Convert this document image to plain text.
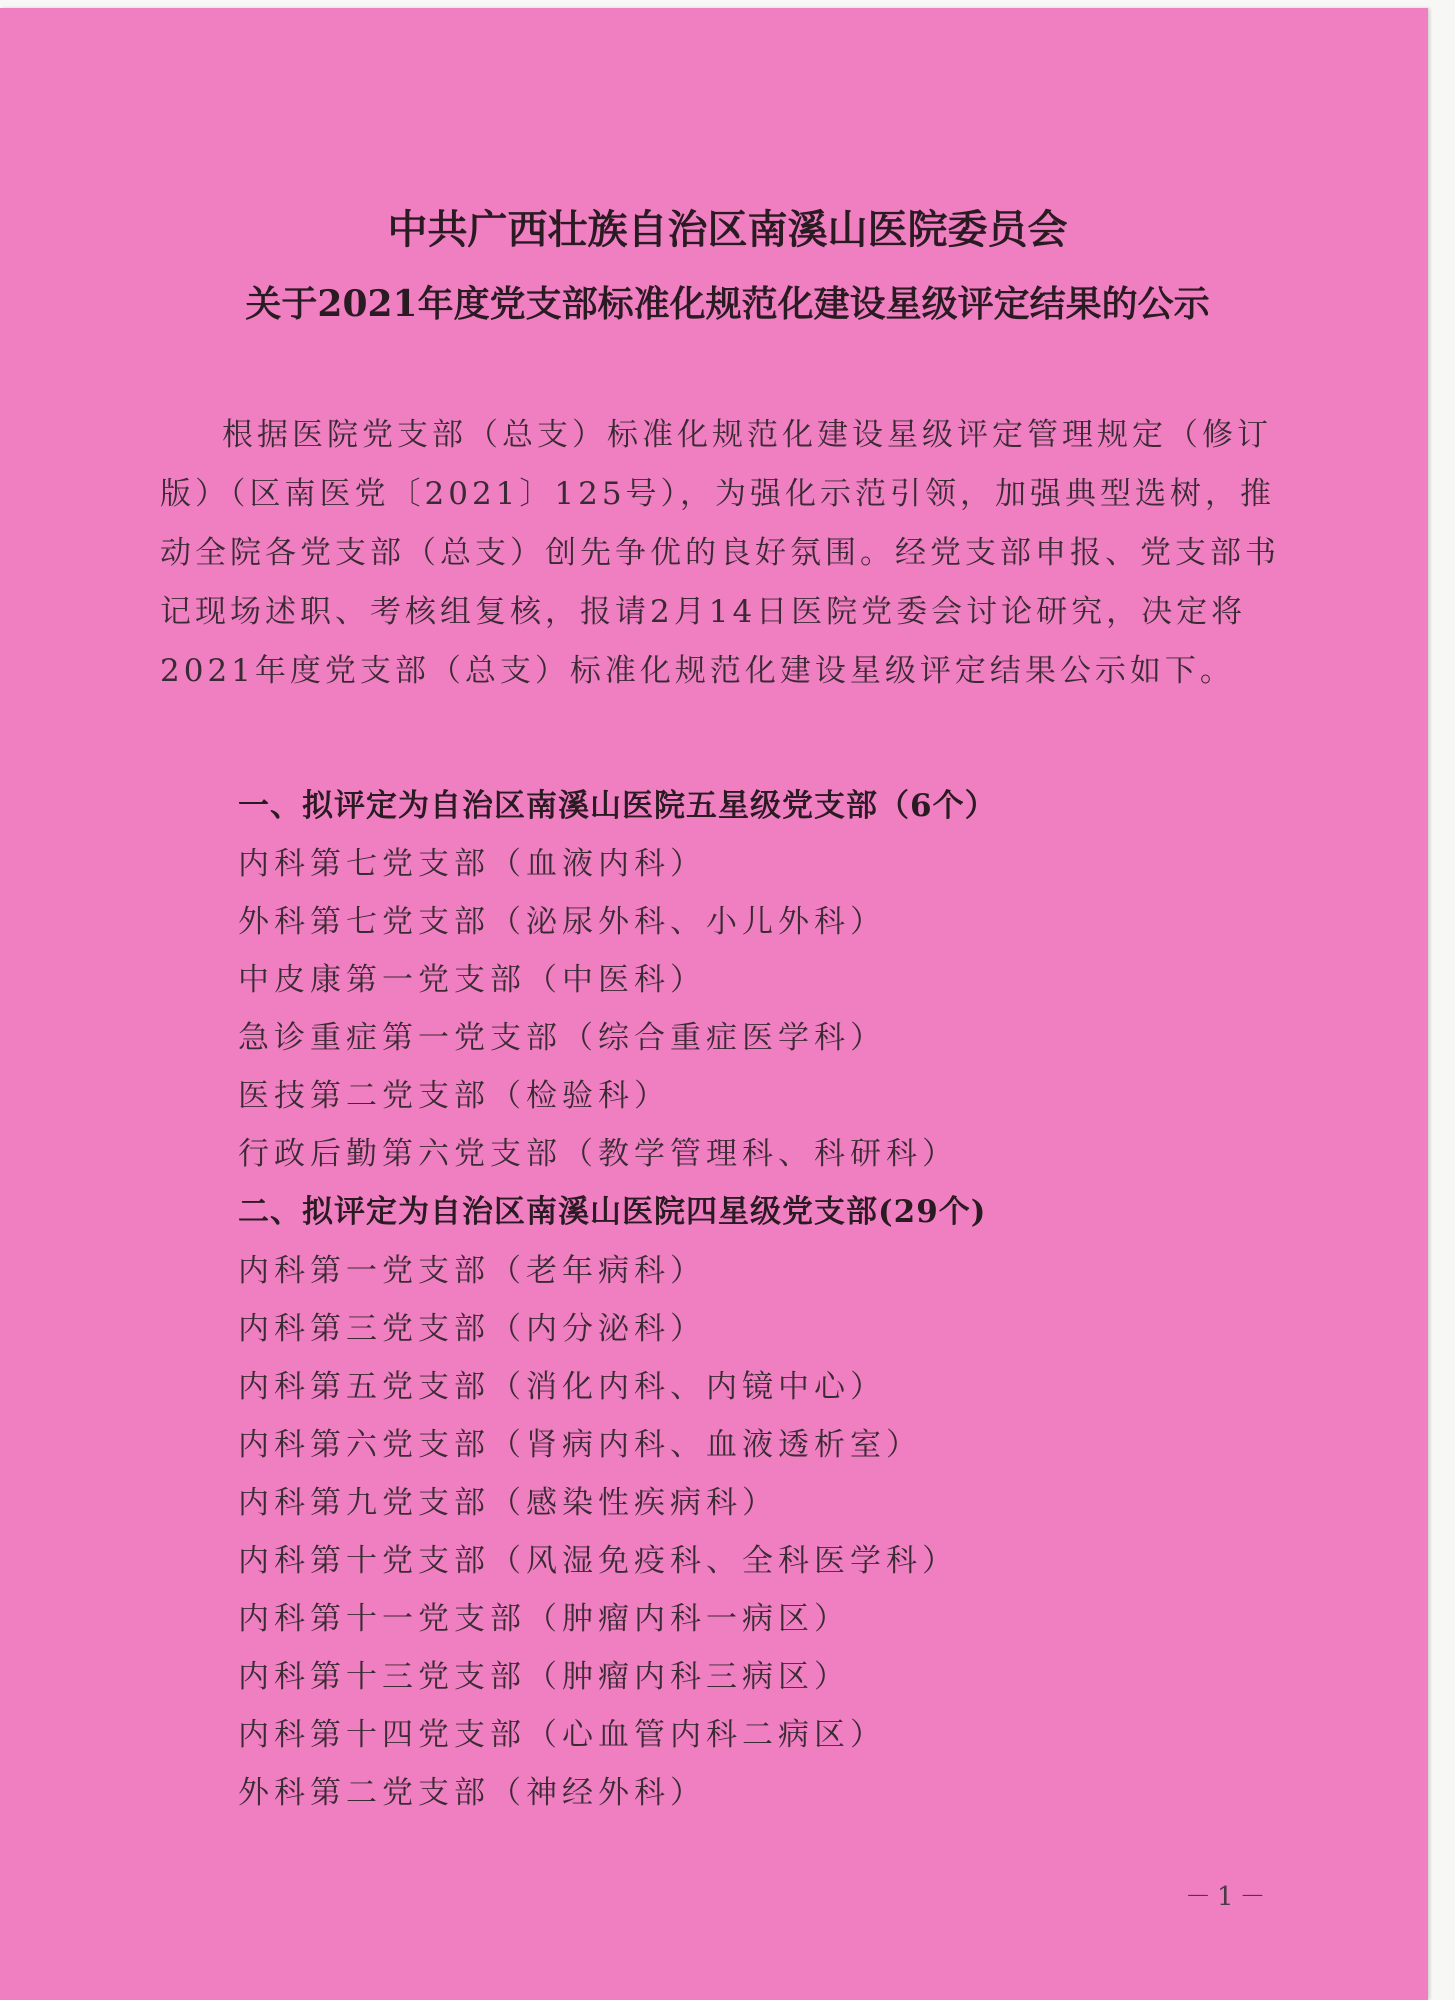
中共广西壮族自治区南溪山医院委员会
关于2021年度党支部标准化规范化建设星级评定结果的公示
根据医院党支部（总支）标准化规范化建设星级评定管理规定（修订版）（区南医党〔2021〕125号），为强化示范引领，加强典型选树，推动全院各党支部（总支）创先争优的良好氛围。经党支部申报、党支部书记现场述职、考核组复核，报请2月14日医院党委会讨论研究，决定将2021年度党支部（总支）标准化规范化建设星级评定结果公示如下。
一、拟评定为自治区南溪山医院五星级党支部（6个）
内科第七党支部（血液内科）
外科第七党支部（泌尿外科、小儿外科）
中皮康第一党支部（中医科）
急诊重症第一党支部（综合重症医学科）
医技第二党支部（检验科）
行政后勤第六党支部（教学管理科、科研科）
二、拟评定为自治区南溪山医院四星级党支部(29个)
内科第一党支部（老年病科）
内科第三党支部（内分泌科）
内科第五党支部（消化内科、内镜中心）
内科第六党支部（肾病内科、血液透析室）
内科第九党支部（感染性疾病科）
内科第十党支部（风湿免疫科、全科医学科）
内科第十一党支部（肿瘤内科一病区）
内科第十三党支部（肿瘤内科三病区）
内科第十四党支部（心血管内科二病区）
外科第二党支部（神经外科）
－1－
